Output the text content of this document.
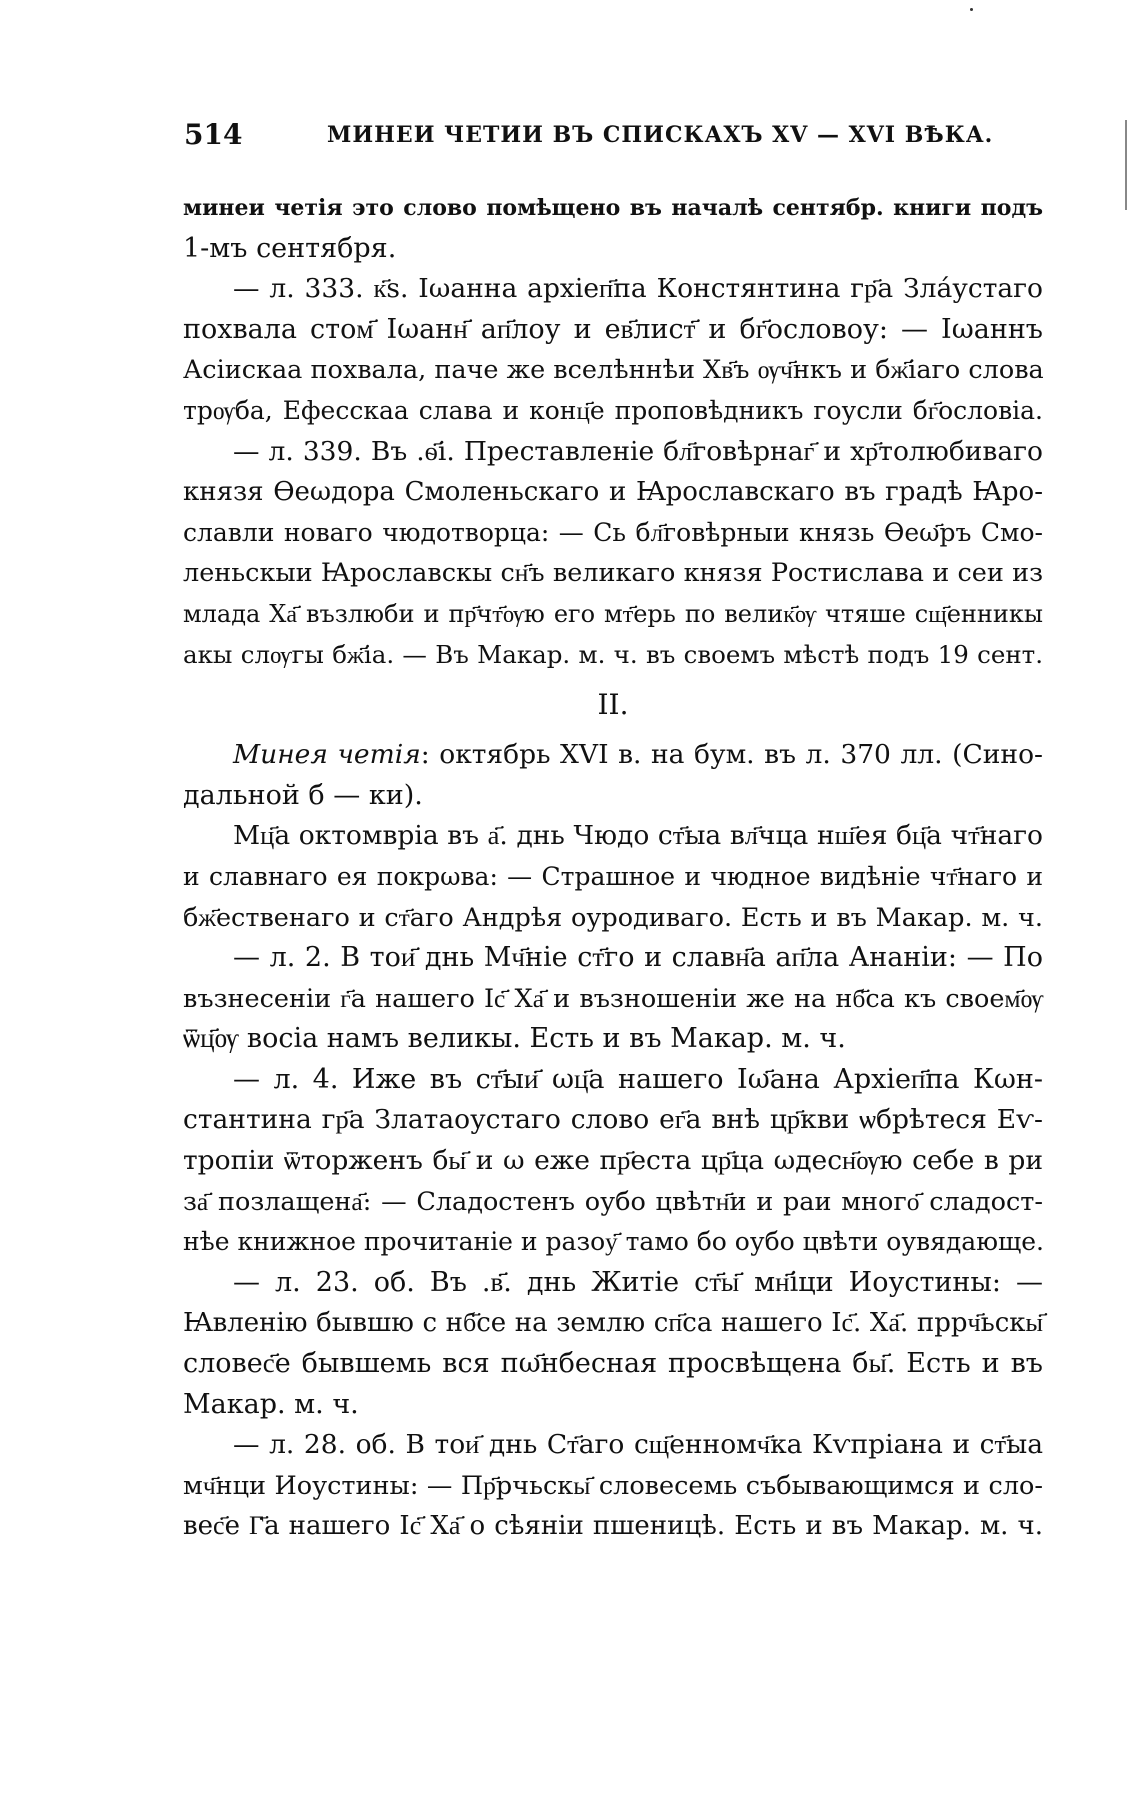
514	МИНЕИ ЧЕТИИ ВЪ СПИСКАХЪ XV — XVI ВѢКА.
минеи четія это слово помѣщено въ началѣ сентябр. книги подъ
1-мъ сентября.
— л. 333. к҃ѕ. Іωанна архіеп҃па Констянтина гр҃а Злáустаго
похвала стом҃ Іωанн҃ ап҃лоу и ев҃лист҃ и бг҃ословоу: — Іωаннъ
Асіискаа похвала, паче же вселѣннѣи Хв҃ъ ѹч҃нкъ и бж҃іаго слова
трѹба, Ефесскаа слава и конц҃е проповѣдникъ гоусли бг҃ословіа.
— л. 339. Въ .ѳ҃і. Преставленіе бл҃говѣрнаг҃ и хр҃толюбиваго
князя Ѳеωдора Смоленьскаго и Ꙗрославскаго въ градѣ Ꙗро-
славли новаго чюдотворца: — Сь бл҃говѣрныи князь Ѳеω҃ръ Смо-
леньскыи Ꙗрославскы сн҃ъ великаго князя Ростислава и сеи из
млада Ха҃ възлюби и пр҃чт҃ѹю его мт҃ерь по велик҃ѹ чтяше сщ҃енникы
акы слѹгы бж҃іа. — Въ Макар. м. ч. въ своемъ мѣстѣ подъ 19 сент.
II.
Минея четія: октябрь XVI в. на бум. въ л. 370 лл. (Сино-
дальной б — ки).
Мц҃а октомвріа въ а҃. днь Чюдо ст҃ыа вл҃чца нш҃ея бц҃а чт҃наго
и славнаго ея покрωва: — Страшное и чюдное видѣніе чт҃наго и
бж҃ественаго и ст҃аго Андрѣя оуродиваго. Есть и въ Макар. м. ч.
— л. 2. В тои҃ днь Мч҃ніе ст҃го и славн҃а ап҃ла Ананіи: — По
възнесеніи г҃а нашего Іс҃ Ха҃ и възношеніи же на нб҃са къ своем҃ѹ
ѿц҃ѹ восіа намъ великы. Есть и въ Макар. м. ч.
— л. 4. Иже въ ст҃ыи҃ ωц҃а нашего Іω҃ана Архіеп҃па Кωн-
стантина гр҃а Златаоустаго слово ег҃а внѣ цр҃кви ѡбрѣтеся Еѵ-
тропіи ѿторженъ бы҃ и ω еже пр҃еста цр҃ца ωдесн҃ѹю себе в ри
за҃ позлащена҃: — Сладостенъ оубо цвѣтн҃и и раи много҃ сладост-
нѣе книжное прочитаніе и разоу҃ тамо бо оубо цвѣти оувядающе.
— л. 23. об. Въ .в҃. днь Житіе ст҃ы҃ мн҃іци Иоустины: —
Ꙗвленію бывшю с нб҃се на землю сп҃са нашего Іс҃. Ха҃. пррч҃ьскы҃
словес҃е бывшемь вся пω҃нбесная просвѣщена бы҃. Есть и въ
Макар. м. ч.
— л. 28. об. В тои҃ днь Ст҃аго сщ҃енномч҃ка Кѵпріана и ст҃ыа
мч҃нци Иоустины: — Пр҃рчьскы҃ словесемь събывающимся и сло-
вес҃е Г҃а нашего Іс҃ Ха҃ о сѣяніи пшеницѣ. Есть и въ Макар. м. ч.
